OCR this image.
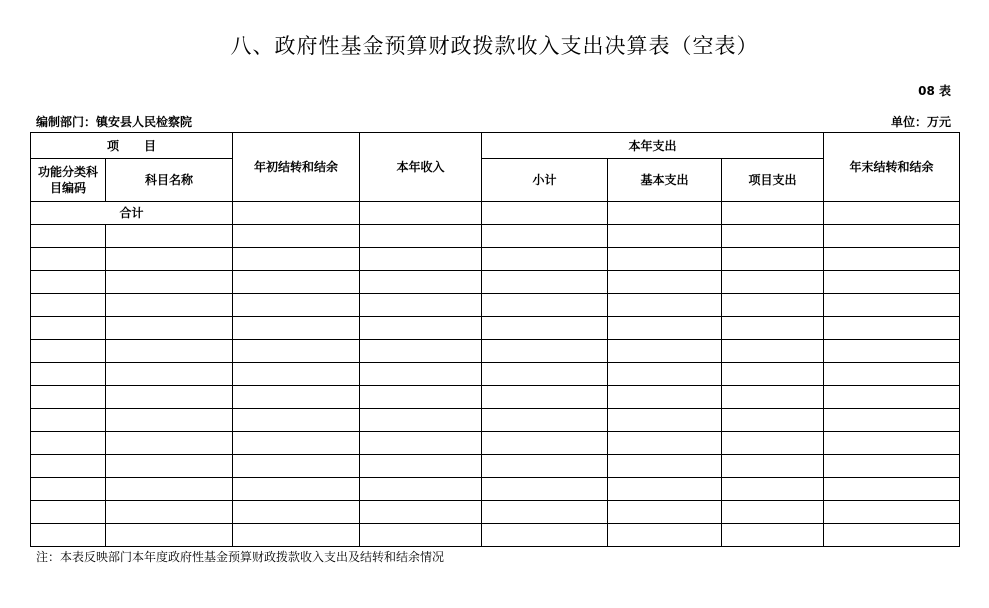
八、政府性基金预算财政拨款收入支出决算表（空表）
08 表
编制部门：镇安县人民检察院	单位：万元
项      目		年初结转和结余	本年收入	本年支出			年末结转和结余
功能分类科目编码	科目名称			小计	基本支出	项目支出	
合计							

注：本表反映部门本年度政府性基金预算财政拨款收入支出及结转和结余情况
